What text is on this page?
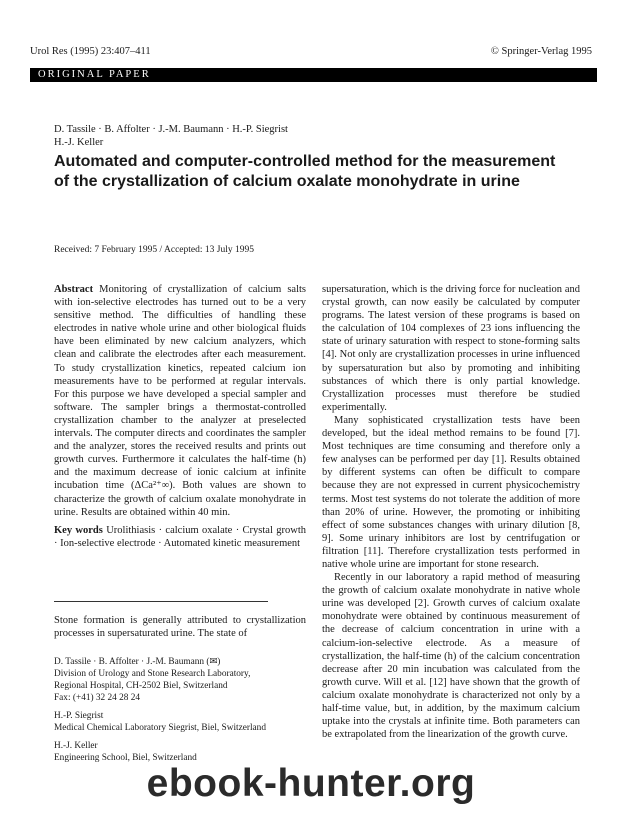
Urol Res (1995) 23:407–411	© Springer-Verlag 1995
ORIGINAL PAPER
D. Tassile · B. Affolter · J.-M. Baumann · H.-P. Siegrist
H.-J. Keller
Automated and computer-controlled method for the measurement of the crystallization of calcium oxalate monohydrate in urine
Received: 7 February 1995 / Accepted: 13 July 1995

Abstract Monitoring of crystallization of calcium salts with ion-selective electrodes has turned out to be a very sensitive method. The difficulties of handling these electrodes in native whole urine and other biological fluids have been eliminated by new calcium analyzers, which clean and calibrate the electrodes after each measurement. To study crystallization kinetics, repeated calcium ion measurements have to be performed at regular intervals. For this purpose we have developed a special sampler and software. The sampler brings a thermostat-controlled crystallization chamber to the analyzer at preselected intervals. The computer directs and coordinates the sampler and the analyzer, stores the received results and prints out growth curves. Furthermore it calculates the half-time (h) and the maximum decrease of ionic calcium at infinite incubation time (ΔCa²⁺∞). Both values are shown to characterize the growth of calcium oxalate monohydrate in urine. Results are obtained within 40 min.

Key words Urolithiasis · calcium oxalate · Crystal growth · Ion-selective electrode · Automated kinetic measurement

Stone formation is generally attributed to crystallization processes in supersaturated urine. The state of

D. Tassile · B. Affolter · J.-M. Baumann (✉)
Division of Urology and Stone Research Laboratory,
Regional Hospital, CH-2502 Biel, Switzerland
Fax: (+41) 32 24 28 24

H.-P. Siegrist
Medical Chemical Laboratory Siegrist, Biel, Switzerland

H.-J. Keller
Engineering School, Biel, Switzerland

supersaturation, which is the driving force for nucleation and crystal growth, can now easily be calculated by computer programs. The latest version of these programs is based on the calculation of 104 complexes of 23 ions influencing the state of urinary saturation with respect to stone-forming salts [4]. Not only are crystallization processes in urine influenced by supersaturation but also by promoting and inhibiting substances of which there is only partial knowledge. Crystallization processes must therefore be studied experimentally.

Many sophisticated crystallization tests have been developed, but the ideal method remains to be found [7]. Most techniques are time consuming and therefore only a few analyses can be performed per day [1]. Results obtained by different systems can often be difficult to compare because they are not expressed in current physicochemistry terms. Most test systems do not tolerate the addition of more than 20% of urine. However, the promoting or inhibiting effect of some substances changes with urinary dilution [8, 9]. Some urinary inhibitors are lost by centrifugation or filtration [11]. Therefore crystallization tests performed in native whole urine are important for stone research.

Recently in our laboratory a rapid method of measuring the growth of calcium oxalate monohydrate in native whole urine was developed [2]. Growth curves of calcium oxalate monohydrate were obtained by continuous measurement of the decrease of calcium concentration in urine with a calcium-ion-selective electrode. As a measure of crystallization, the half-time (h) of the calcium concentration decrease after 20 min incubation was calculated from the growth curve. Will et al. [12] have shown that the growth of calcium oxalate monohydrate is characterized not only by a half-time value, but, in addition, by the maximum calcium uptake into the crystals at infinite time. Both parameters can be extrapolated from the linearization of the growth curve.

ebook-hunter.org
